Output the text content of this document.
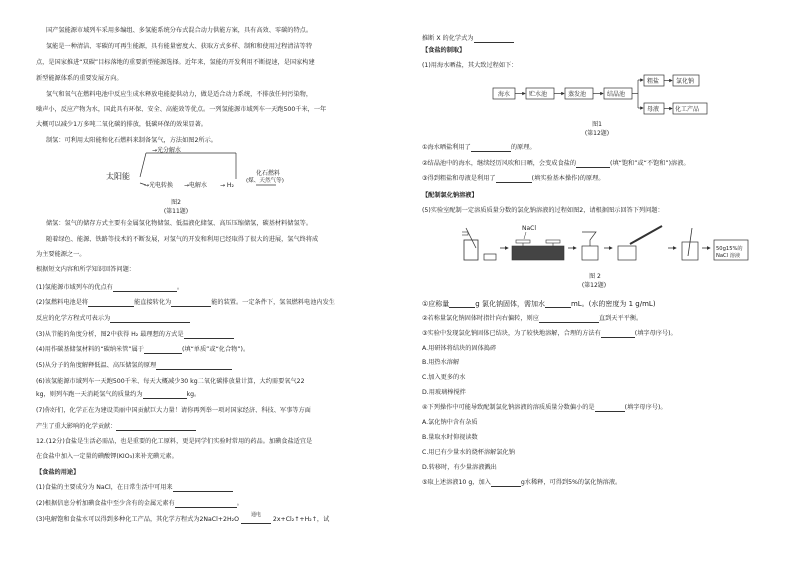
国产氢能源市域列车采用多编组、多氢能系统分布式混合动力供能方案，具有高效、零碳的特点。
氢能是一种清洁、零碳的可再生能源，具有能量密度大、获取方式多样、制和和使用过程清洁等特
点，是国家推进“双碳”目标落地的重要新型能源选择。近年来，氢能的开发利用不断提速，是国家构建
新型能源体系的重要发展方向。
氢气和氧气在燃料电池中反应生成水释放电能提供动力，做是适合动力系统，不排放任何污染物，
噪声小，反应产物为水，国此具有环保、安全、高能效等优点。一列氢能源市域列车一天跑500千米，一年
大概可以减少1万多吨二氧化碳的排放，低碳环保的效果显著。
制氢：可利用太阳能和化石燃料来制备氢气，方法如图2所示。
→光分解水
太阳能
→光电转换 →电解水 → H₂
化石燃料
(煤、天然气等)
图2
(第11题)
储氢：氢气的储存方式主要有金属氢化物储氢、低温液化储氢、高压压缩储氢，碳基材料储氢等。
随着绿色、能源、铁路等技术的不断发展，对氢气的开发和利用已经取得了很大的进展，氢气终将成
为主要能源之一。
根据短文内容和所学知识回答问题：
(1)氢能源市域列车的优点有	。
(2)氢燃料电池是将	能直接转化为	能的装置。一定条件下，氢氧燃料电池内发生
反应的化学方程式可表示为
(3)从节能的角度分析，图2中获得 H₂ 最理想的方式是
(4)用作碳基储氢材料的“碳纳米管”属于	(填“单质”或“化合物”)。
(5)从分子的角度解释低温、高压储氢的原理
(6)该氢能源市域列车一天跑500千米、每天大概减少30 kg二氧化碳排放量计算，大约需要氧气22
kg，则列车跑一天消耗氢气的质量约为	kg。
(7)你好们，化学正在为建设美丽中国贡献巨大力量！请你再列举一项对国家经济、科技、军事等方面
产生了重大影响的化学贡献：
12.(12分)食盐是生活必需品，也是重要的化工原料，更是同学们实验时常用的药品。加碘食盐适宜是
在食盐中加入一定量的碘酸钾(KIO₃)来补充碘元素。
【食盐的用途】
(1)食盐的主要成分为 NaCl，在日常生活中可用来
(2)根据信息分析加碘食盐中至少含有的金属元素有	。
(3)电解饱和食盐水可以得到多种化工产品，其化学方程式为2NaCl+2H₂O
通电
2x+Cl₂↑+H₂↑，试
推断 X 的化学式为
【食盐的制取】
(1)用海水晒盐，其大致过程如下：
海水	贮水池	蒸发池	结晶池
粗盐	氯化钠
母液	化工产品
图1
(第12题)
①海水晒盐利用了	的原理。
②结晶池中的海水，继续经历风吹和日晒，会变成食盐的	(填“饱和”或“不饱和”)溶液。
③得到粗盐和母液是利用了	(填实验基本操作)的原理。
【配制氯化钠溶液】
(5)实验室配制一定溶质质量分数的氯化钠溶液的过程如图2，请根据图示回答下列问题：
NaCl
50g15%的
NaCl 溶液
图 2
(第12题)
①应称量	g 氯化钠固体，需加水	mL。(水的密度为 1 g/mL)
②若称量氯化钠固体时指针向右偏转，则应	直到天平平衡。
③实验中发现氯化钠固体已结块，为了较快地溶解，合理的方法有	(填字母序号)。
A.用研钵将结块的固体捣碎
B.用热水溶解
C.加入更多的水
D.用玻璃棒搅拌
④下列操作中可能导致配制氯化钠溶液的溶质质量分数偏小的是	(填字母序号)。
A.氯化钠中含有杂质
B.量取水时仰视读数
C.用已有少量水的烧杯溶解氯化钠
D.转移时，有少量溶液溅出
⑤取上述溶液10 g，加入	g水稀释，可得到5%的氯化钠溶液。
